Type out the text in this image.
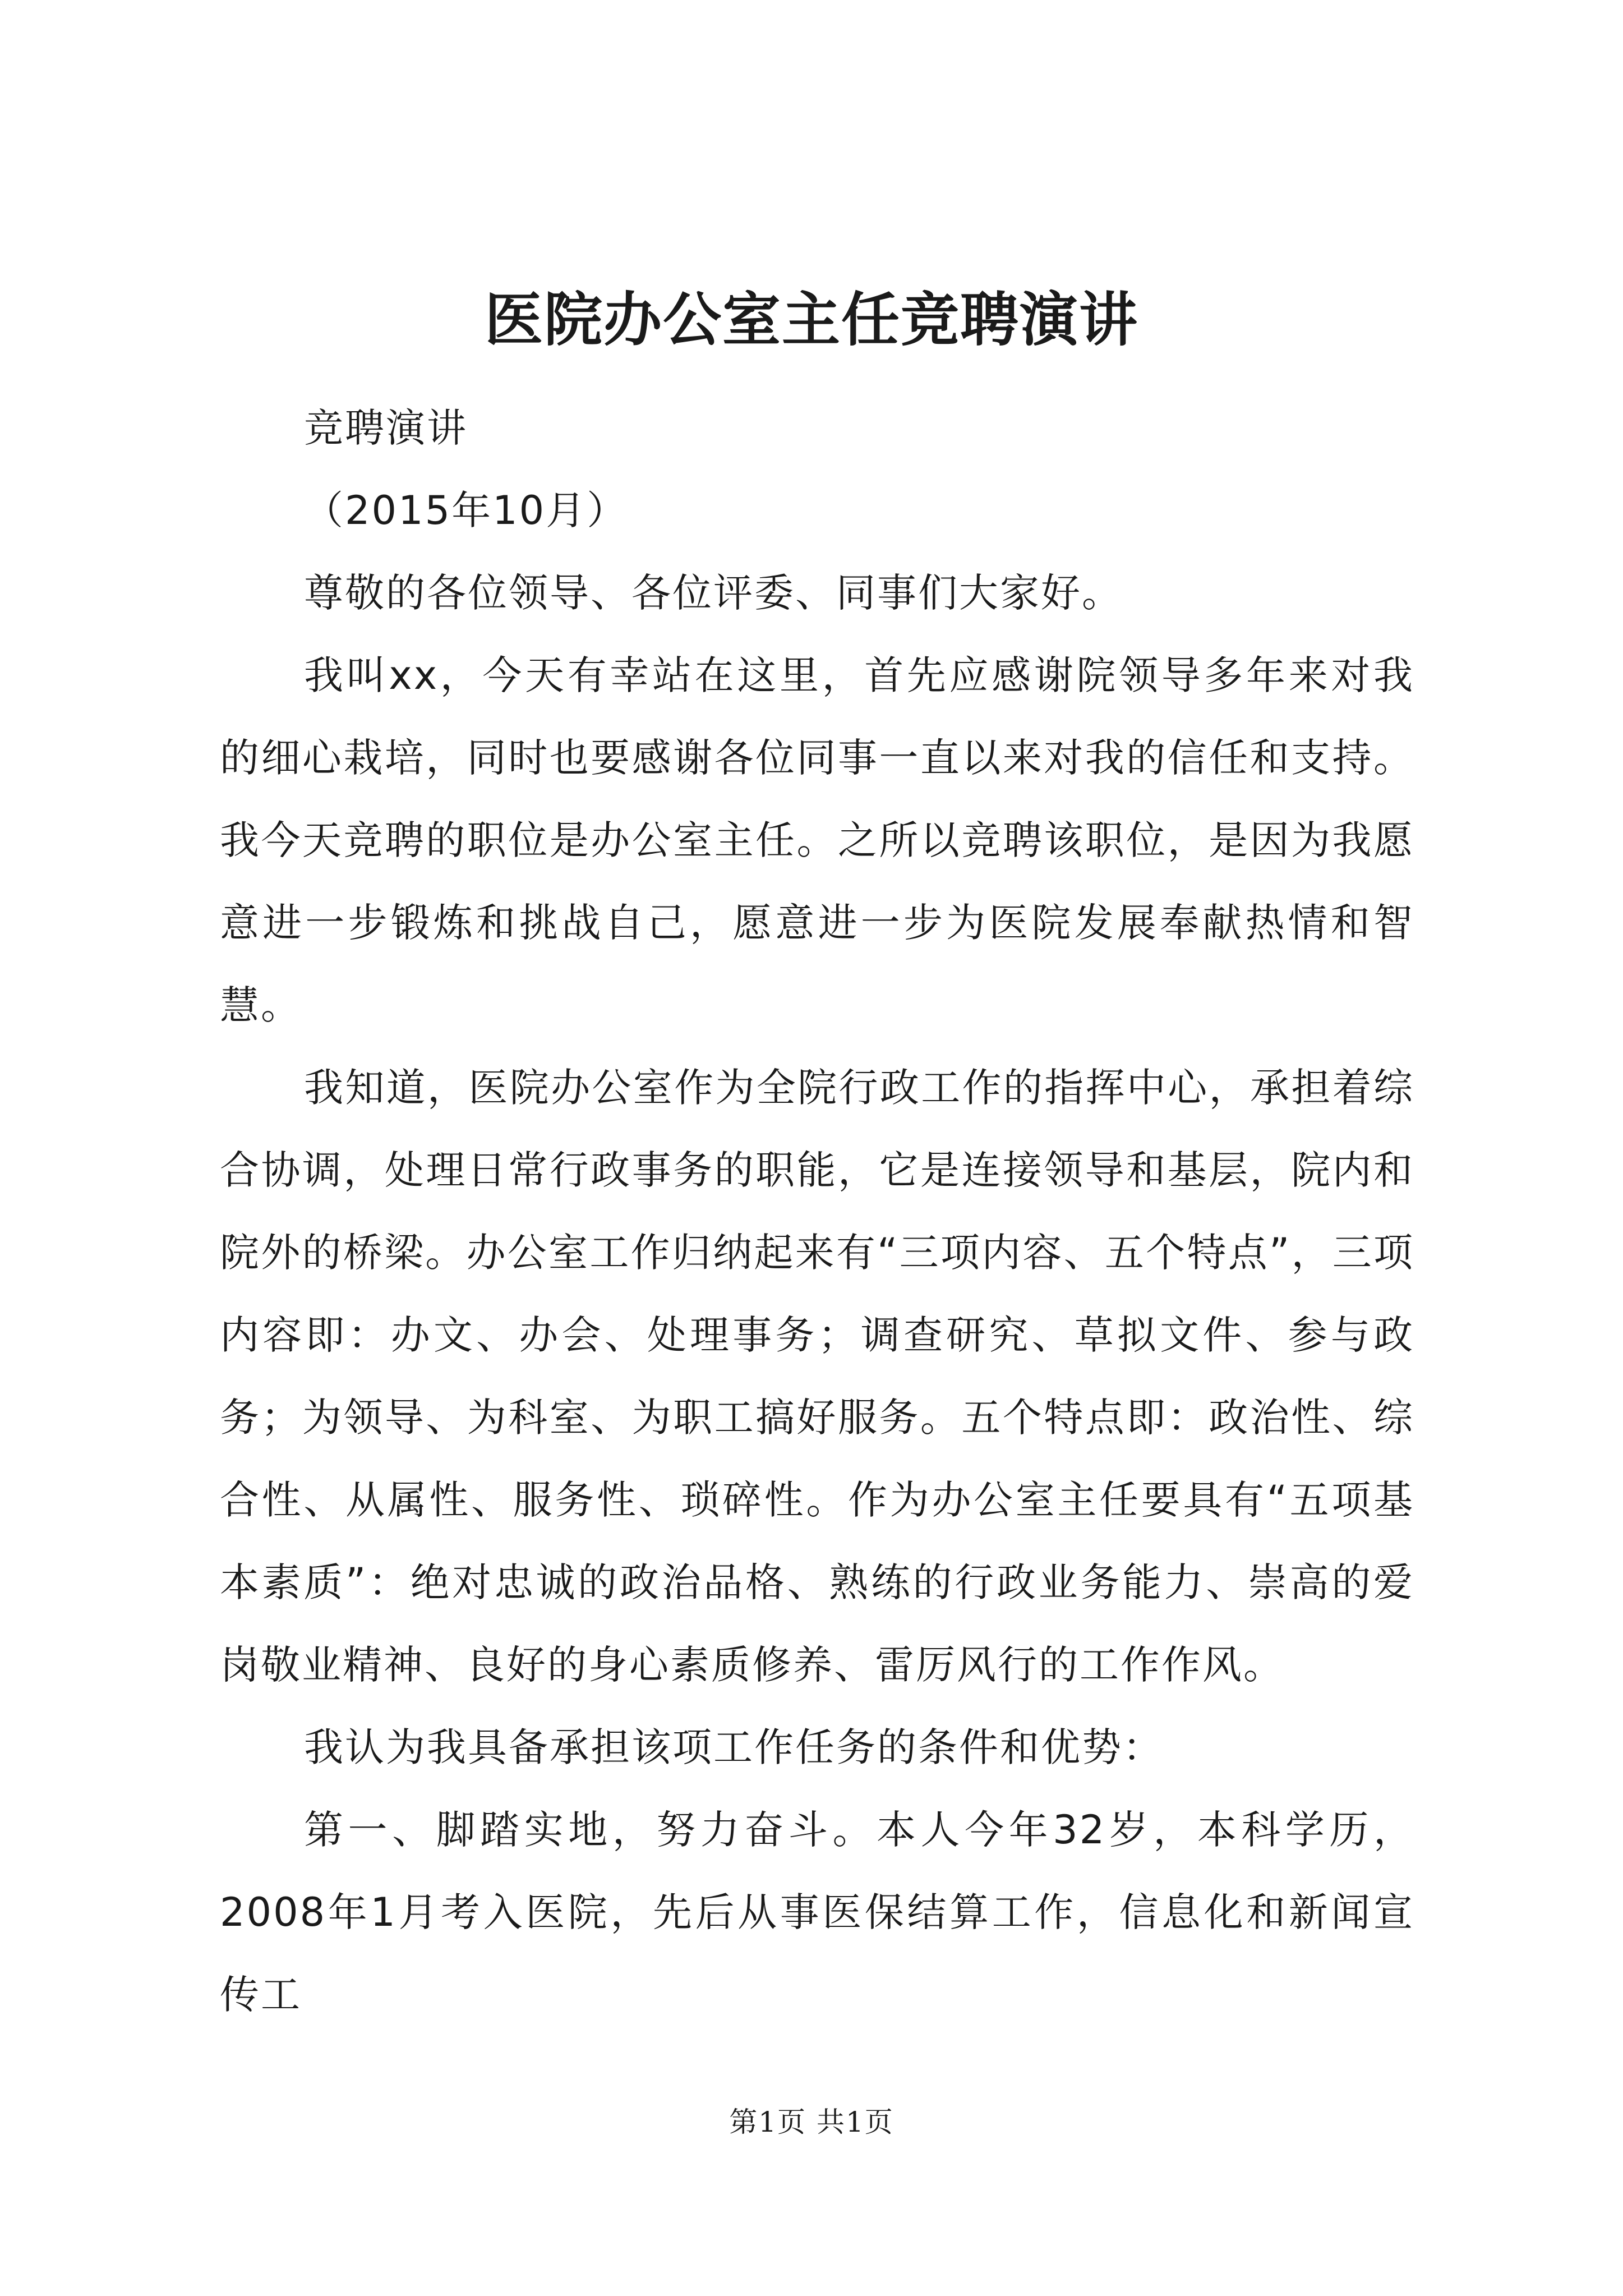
医院办公室主任竞聘演讲

竞聘演讲

（2015年10月）

尊敬的各位领导、各位评委、同事们大家好。

我叫xx，今天有幸站在这里，首先应感谢院领导多年来对我的细心栽培，同时也要感谢各位同事一直以来对我的信任和支持。我今天竞聘的职位是办公室主任。之所以竞聘该职位，是因为我愿意进一步锻炼和挑战自己，愿意进一步为医院发展奉献热情和智慧。

我知道，医院办公室作为全院行政工作的指挥中心，承担着综合协调，处理日常行政事务的职能，它是连接领导和基层，院内和院外的桥梁。办公室工作归纳起来有“三项内容、五个特点”，三项内容即：办文、办会、处理事务；调查研究、草拟文件、参与政务；为领导、为科室、为职工搞好服务。五个特点即：政治性、综合性、从属性、服务性、琐碎性。作为办公室主任要具有“五项基本素质”：绝对忠诚的政治品格、熟练的行政业务能力、崇高的爱岗敬业精神、良好的身心素质修养、雷厉风行的工作作风。

我认为我具备承担该项工作任务的条件和优势：

第一、脚踏实地，努力奋斗。本人今年32岁，本科学历，2008年1月考入医院，先后从事医保结算工作，信息化和新闻宣传工

第1页 共1页
